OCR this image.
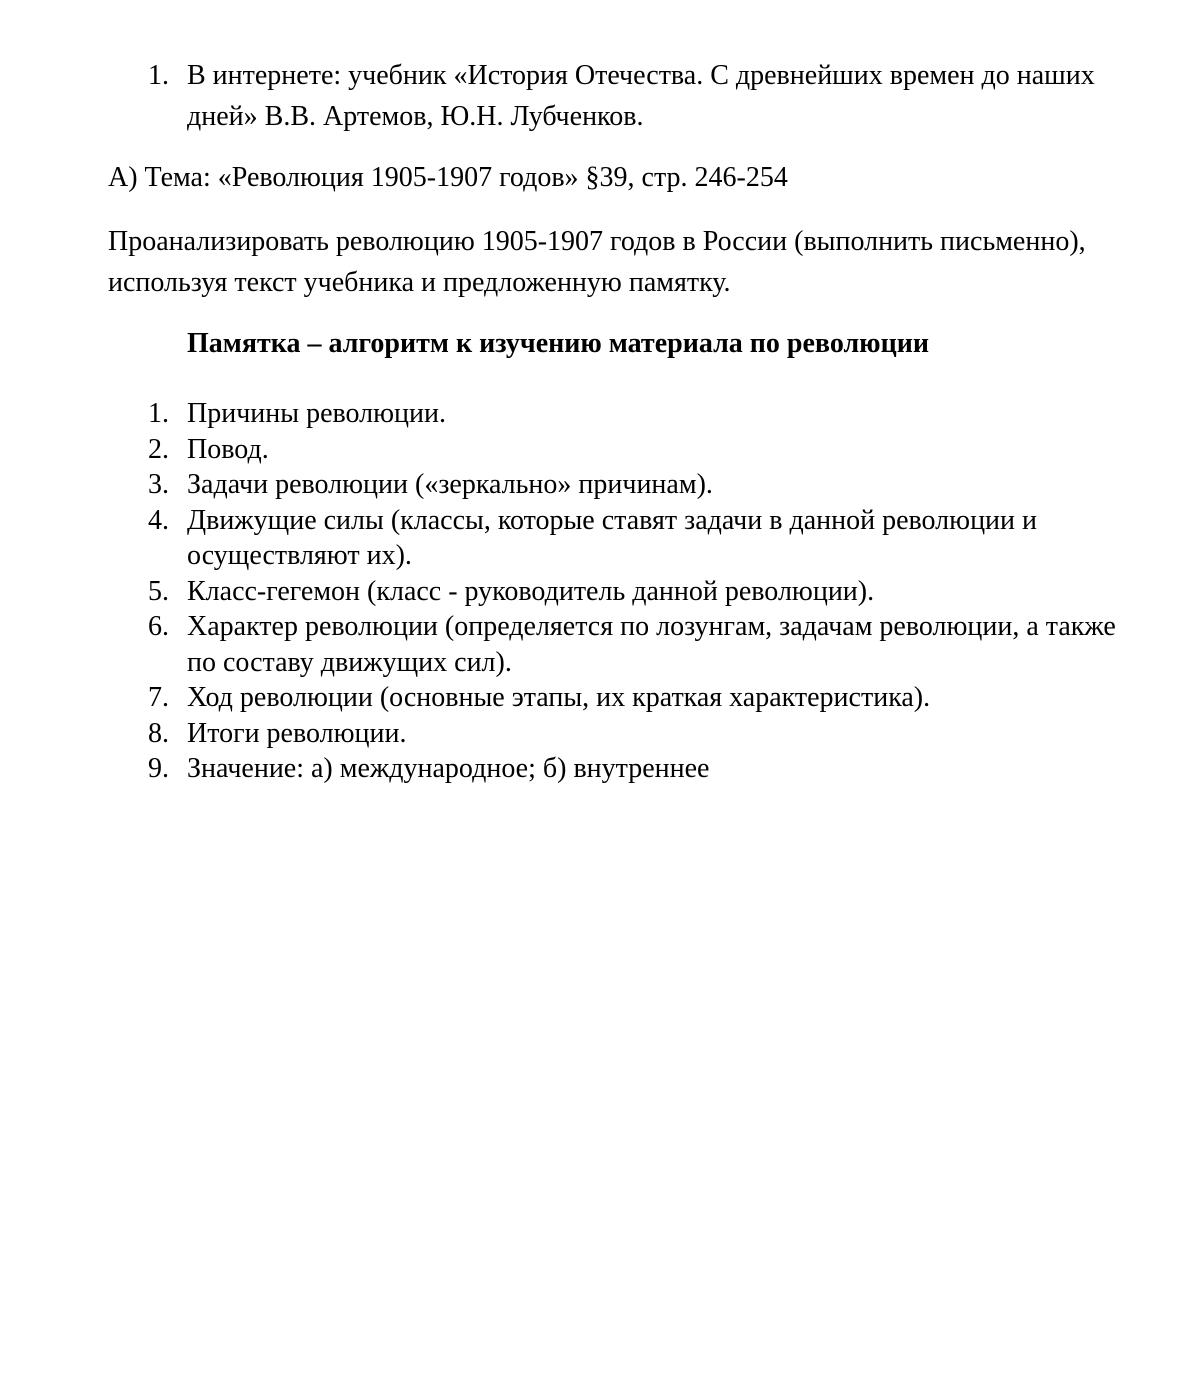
1. В интернете: учебник «История Отечества. С древнейших времен до наших дней» В.В. Артемов, Ю.Н. Лубченков.
А) Тема: «Революция 1905-1907 годов» §39, стр. 246-254
Проанализировать революцию 1905-1907 годов в России (выполнить письменно), используя текст учебника и предложенную памятку.
Памятка – алгоритм к изучению материала по революции
1. Причины революции.
2. Повод.
3. Задачи революции («зеркально» причинам).
4. Движущие силы (классы, которые ставят задачи в данной революции и осуществляют их).
5. Класс-гегемон (класс - руководитель данной революции).
6. Характер революции (определяется по лозунгам, задачам революции, а также по составу движущих сил).
7. Ход революции (основные этапы, их краткая характеристика).
8. Итоги революции.
9. Значение: а) международное; б) внутреннее
